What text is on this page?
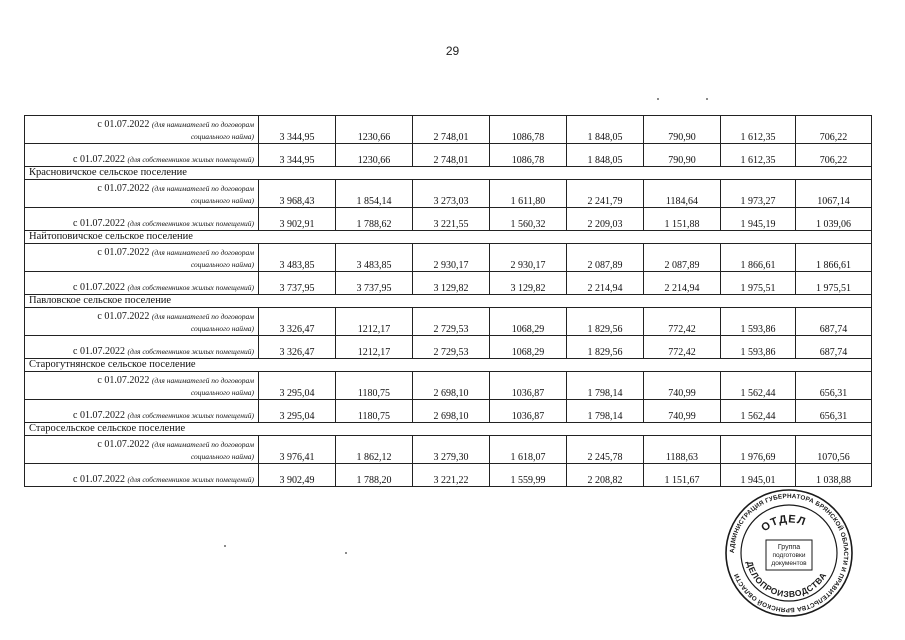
29
с 01.07.2022 (для нанимателей по договорам
социального найма)	3 344,95	1230,66	2 748,01	1086,78	1 848,05	790,90	1 612,35	706,22
с 01.07.2022 (для собственников жилых помещений)	3 344,95	1230,66	2 748,01	1086,78	1 848,05	790,90	1 612,35	706,22
Красновичское сельское поселение								
с 01.07.2022 (для нанимателей по договорам
социального найма)	3 968,43	1 854,14	3 273,03	1 611,80	2 241,79	1184,64	1 973,27	1067,14
с 01.07.2022 (для собственников жилых помещений)	3 902,91	1 788,62	3 221,55	1 560,32	2 209,03	1 151,88	1 945,19	1 039,06
Найтоповичское сельское поселение								
с 01.07.2022 (для нанимателей по договорам
социального найма)	3 483,85	3 483,85	2 930,17	2 930,17	2 087,89	2 087,89	1 866,61	1 866,61
с 01.07.2022 (для собственников жилых помещений)	3 737,95	3 737,95	3 129,82	3 129,82	2 214,94	2 214,94	1 975,51	1 975,51
Павловское сельское поселение								
с 01.07.2022 (для нанимателей по договорам
социального найма)	3 326,47	1212,17	2 729,53	1068,29	1 829,56	772,42	1 593,86	687,74
с 01.07.2022 (для собственников жилых помещений)	3 326,47	1212,17	2 729,53	1068,29	1 829,56	772,42	1 593,86	687,74
Старогутнянское сельское поселение								
с 01.07.2022 (для нанимателей по договорам
социального найма)	3 295,04	1180,75	2 698,10	1036,87	1 798,14	740,99	1 562,44	656,31
с 01.07.2022 (для собственников жилых помещений)	3 295,04	1180,75	2 698,10	1036,87	1 798,14	740,99	1 562,44	656,31
Старосельское сельское поселение								
с 01.07.2022 (для нанимателей по договорам
социального найма)	3 976,41	1 862,12	3 279,30	1 618,07	2 245,78	1188,63	1 976,69	1070,56
с 01.07.2022 (для собственников жилых помещений)	3 902,49	1 788,20	3 221,22	1 559,99	2 208,82	1 151,67	1 945,01	1 038,88
АДМИНИСТРАЦИЯ ГУБЕРНАТОРА БРЯНСКОЙ ОБЛАСТИ И ПРАВИТЕЛЬСТВА БРЯНСКОЙ ОБЛАСТИ
ОТДЕЛ
ДЕЛОПРОИЗВОДСТВА
Группа
подготовки
документов
